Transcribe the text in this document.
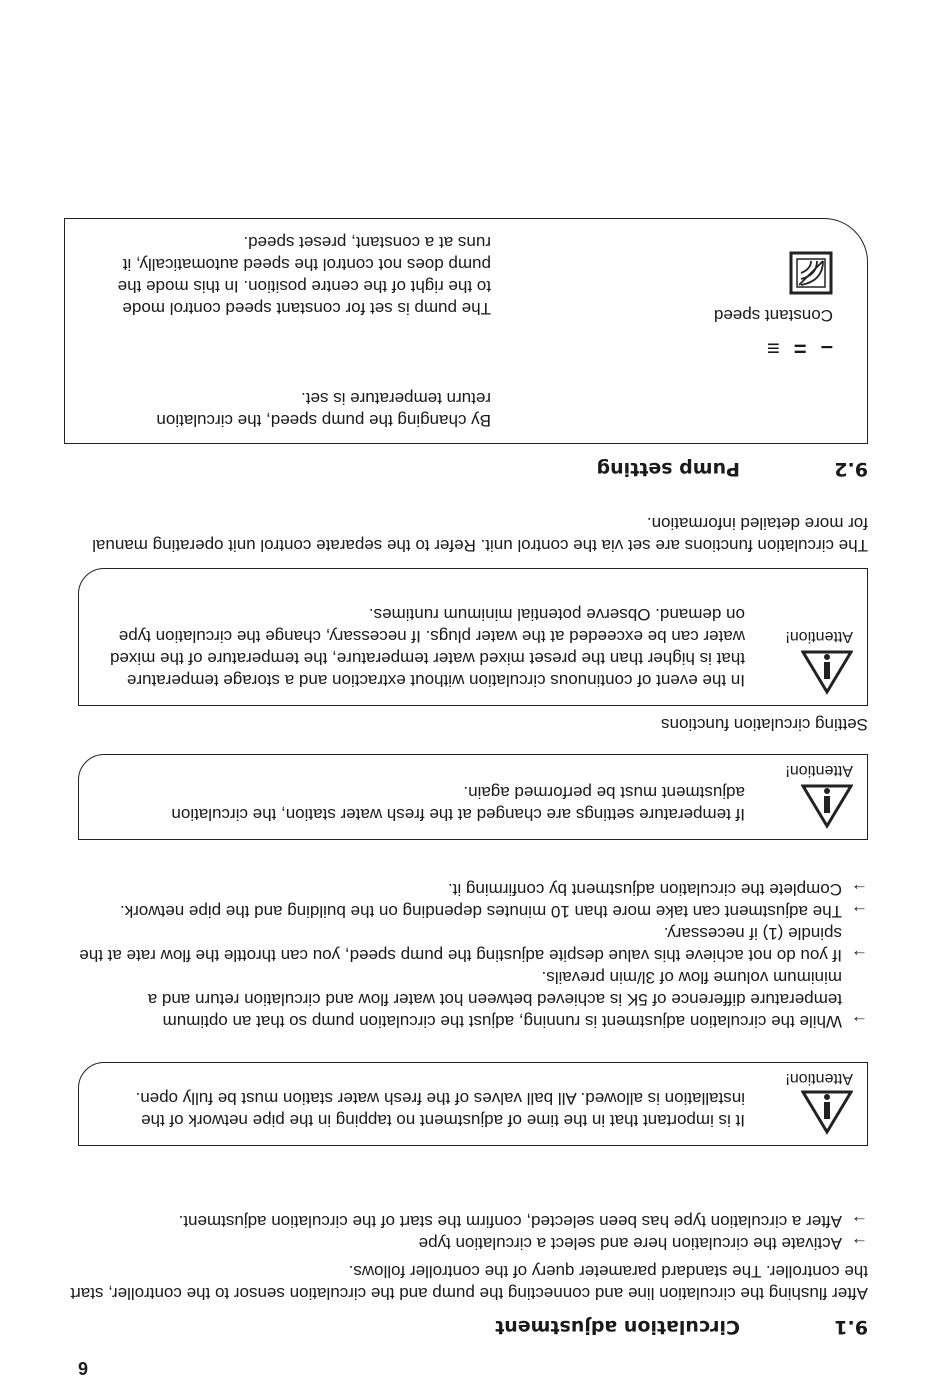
6
9.1Circulation adjustment
After flushing the circulation line and connecting the pump and the circulation sensor to the controller, start the controller. The standard parameter query of the controller follows.
→
Activate the circulation here and select a circulation type
→
After a circulation type has been selected, confirm the start of the circulation adjustment.
Attention!
It is important that in the time of adjustment no tapping in the pipe network of the installation is allowed. All ball valves of the fresh water station must be fully open.
→
While the circulation adjustment is running, adjust the circulation pump so that an optimum temperature difference of 5K is achieved between hot water flow and circulation return and a minimum volume flow of 3l/min prevails.
→
If you do not achieve this value despite adjusting the pump speed, you can throttle the flow rate at the spindle (1) if necessary.
→
The adjustment can take more than 10 minutes depending on the building and the pipe network.
→
Complete the circulation adjustment by confirming it.
Attention!
If temperature settings are changed at the fresh water station, the circulation adjustment must be performed again.
Setting circulation functions
Attention!
In the event of continuous circulation without extraction and a storage temperature that is higher than the preset mixed water temperature, the temperature of the mixed water can be exceeded at the water plugs. If necessary, change the circulation type on demand. Observe potential minimum runtimes.
The circulation functions are set via the control unit. Refer to the separate control unit operating manual for more detailed information.
9.2Pump setting
By changing the pump speed, the circulation return temperature is set.
– = ≡
Constant speed
The pump is set for constant speed control mode to the right of the centre position. In this mode the pump does not control the speed automatically, it runs at a constant, preset speed.
